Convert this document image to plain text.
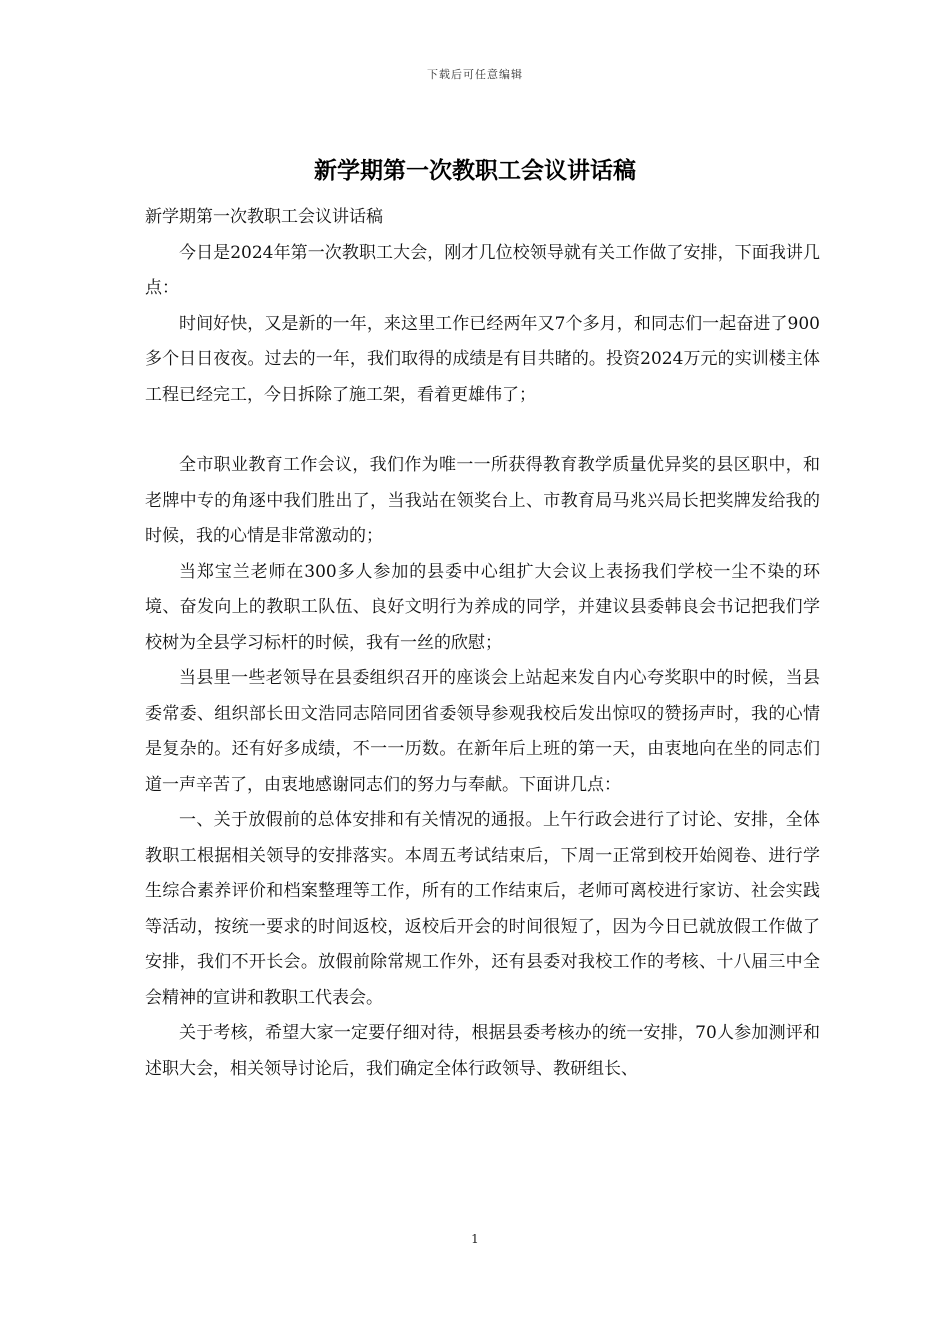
下载后可任意编辑
新学期第一次教职工会议讲话稿

新学期第一次教职工会议讲话稿

今日是2024年第一次教职工大会，刚才几位校领导就有关工作做了安排，下面我讲几点：

时间好快，又是新的一年，来这里工作已经两年又7个多月，和同志们一起奋进了900多个日日夜夜。过去的一年，我们取得的成绩是有目共睹的。投资2024万元的实训楼主体工程已经完工，今日拆除了施工架，看着更雄伟了；

全市职业教育工作会议，我们作为唯一一所获得教育教学质量优异奖的县区职中，和老牌中专的角逐中我们胜出了，当我站在领奖台上、市教育局马兆兴局长把奖牌发给我的时候，我的心情是非常激动的；

当郑宝兰老师在300多人参加的县委中心组扩大会议上表扬我们学校一尘不染的环境、奋发向上的教职工队伍、良好文明行为养成的同学，并建议县委韩良会书记把我们学校树为全县学习标杆的时候，我有一丝的欣慰；

当县里一些老领导在县委组织召开的座谈会上站起来发自内心夸奖职中的时候，当县委常委、组织部长田文浩同志陪同团省委领导参观我校后发出惊叹的赞扬声时，我的心情是复杂的。还有好多成绩，不一一历数。在新年后上班的第一天，由衷地向在坐的同志们道一声辛苦了，由衷地感谢同志们的努力与奉献。下面讲几点：

一、关于放假前的总体安排和有关情况的通报。上午行政会进行了讨论、安排，全体教职工根据相关领导的安排落实。本周五考试结束后，下周一正常到校开始阅卷、进行学生综合素养评价和档案整理等工作，所有的工作结束后，老师可离校进行家访、社会实践等活动，按统一要求的时间返校，返校后开会的时间很短了，因为今日已就放假工作做了安排，我们不开长会。放假前除常规工作外，还有县委对我校工作的考核、十八届三中全会精神的宣讲和教职工代表会。

关于考核，希望大家一定要仔细对待，根据县委考核办的统一安排，70人参加测评和述职大会，相关领导讨论后，我们确定全体行政领导、教研组长、

1
